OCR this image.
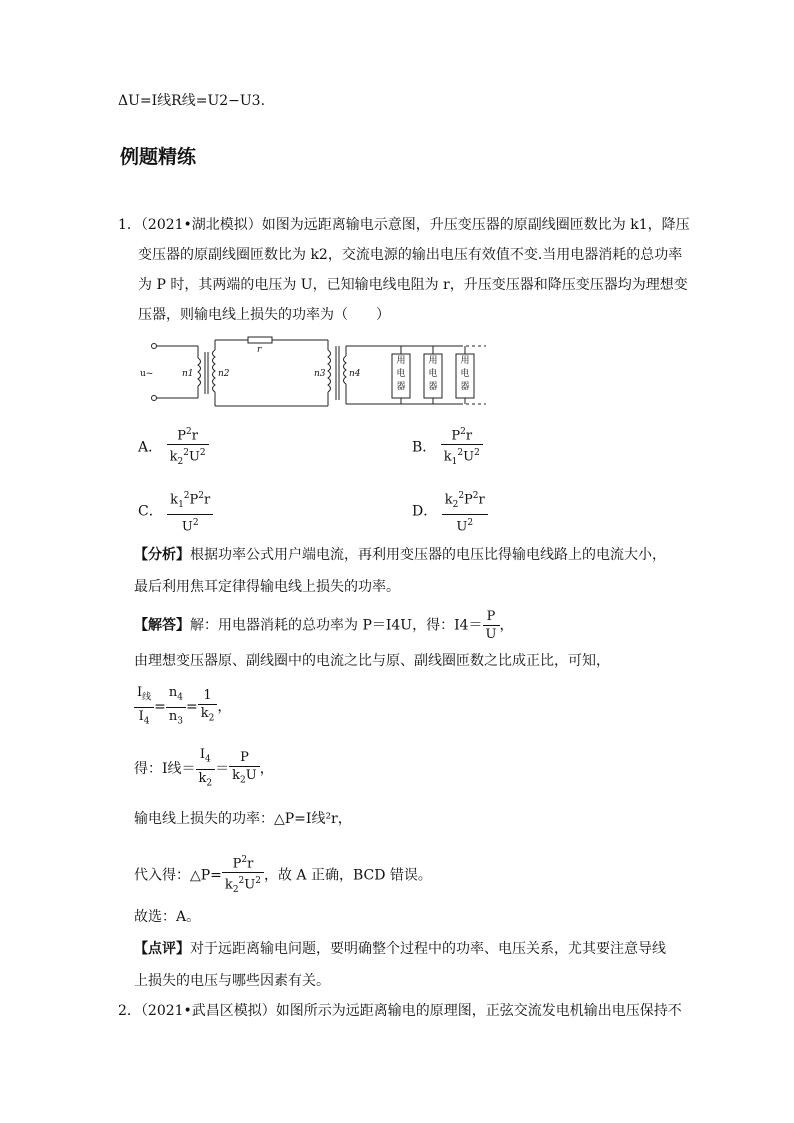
ΔU=I线R线=U2−U3.
例题精练
1．（2021•湖北模拟）如图为远距离输电示意图，升压变压器的原副线圈匝数比为 k1，降压
变压器的原副线圈匝数比为 k2，交流电源的输出电压有效值不变.当用电器消耗的总功率
为 P 时，其两端的电压为 U，已知输电线电阻为 r，升压变压器和降压变压器均为理想变
压器，则输电线上损失的功率为（　　）
u~	n1	n2
r
n3	n4
用电器
用电器
用电器
A． $\frac{P^2r}{k_2^2U^2}$	B． $\frac{P^2r}{k_1^2U^2}$
C． $\frac{k_1^2P^2r}{U^2}$	D． $\frac{k_2^2P^2r}{U^2}$
【分析】根据功率公式用户端电流，再利用变压器的电压比得输电线路上的电流大小，
最后利用焦耳定律得输电线上损失的功率。
【解答】解：用电器消耗的总功率为 P＝I4U，得：$I4= \frac{P}{U}$ ，
由理想变压器原、副线圈中的电流之比与原、副线圈匝数之比成正比，可知，
$\frac{I_线}{I_4} = \frac{n_4}{n_3} = \frac{1}{k_2}$ ，
得：I线＝ $\frac{I_4}{k_2} = \frac{P}{k_2U}$ ，
输电线上损失的功率：△P=I线²r，
代入得：△P= $\frac{P^2r}{k_2^2U^2}$ ，故 A 正确，BCD 错误。
故选：A。
【点评】对于远距离输电问题，要明确整个过程中的功率、电压关系，尤其要注意导线
上损失的电压与哪些因素有关。
2．（2021•武昌区模拟）如图所示为远距离输电的原理图，正弦交流发电机输出电压保持不
